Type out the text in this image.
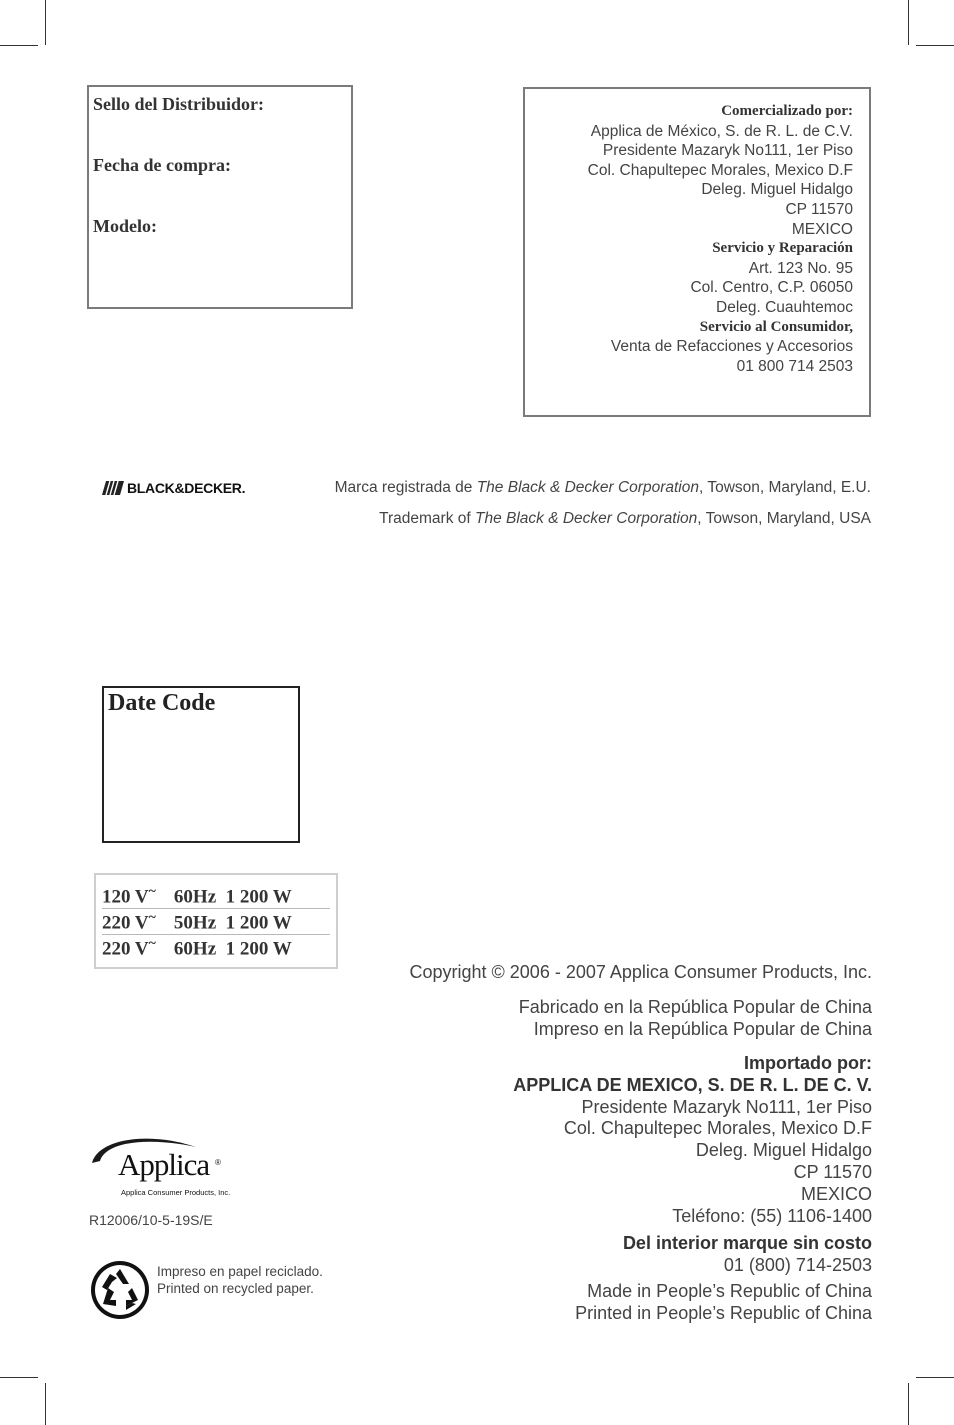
Sello del Distribuidor:
Fecha de compra:
Modelo:
Comercializado por:
Applica de México, S. de R. L. de C.V.
Presidente Mazaryk No111, 1er Piso
Col. Chapultepec Morales, Mexico D.F
Deleg. Miguel Hidalgo
CP 11570
MEXICO
Servicio y Reparación
Art. 123 No. 95
Col. Centro, C.P. 06050
Deleg. Cuauhtemoc
Servicio al Consumidor,
Venta de Refacciones y Accesorios
01 800 714 2503
BLACK&DECKER.	Marca registrada de The Black & Decker Corporation, Towson, Maryland, E.U.
Trademark of The Black & Decker Corporation, Towson, Maryland, USA
Date Code
120 V~ 60Hz 1 200 W
220 V~ 50Hz 1 200 W
220 V~ 60Hz 1 200 W
Copyright © 2006 - 2007 Applica Consumer Products, Inc.
Fabricado en la República Popular de China
Impreso en la República Popular de China
Importado por:
APPLICA DE MEXICO, S. DE R. L. DE C. V.
Presidente Mazaryk No111, 1er Piso
Col. Chapultepec Morales, Mexico D.F
Deleg. Miguel Hidalgo
CP 11570
MEXICO
Teléfono: (55) 1106-1400
Del interior marque sin costo
01 (800) 714-2503
Made in People’s Republic of China
Printed in People’s Republic of China
Applica ®
Applica Consumer Products, Inc.
R12006/10-5-19S/E
Impreso en papel reciclado.
Printed on recycled paper.
